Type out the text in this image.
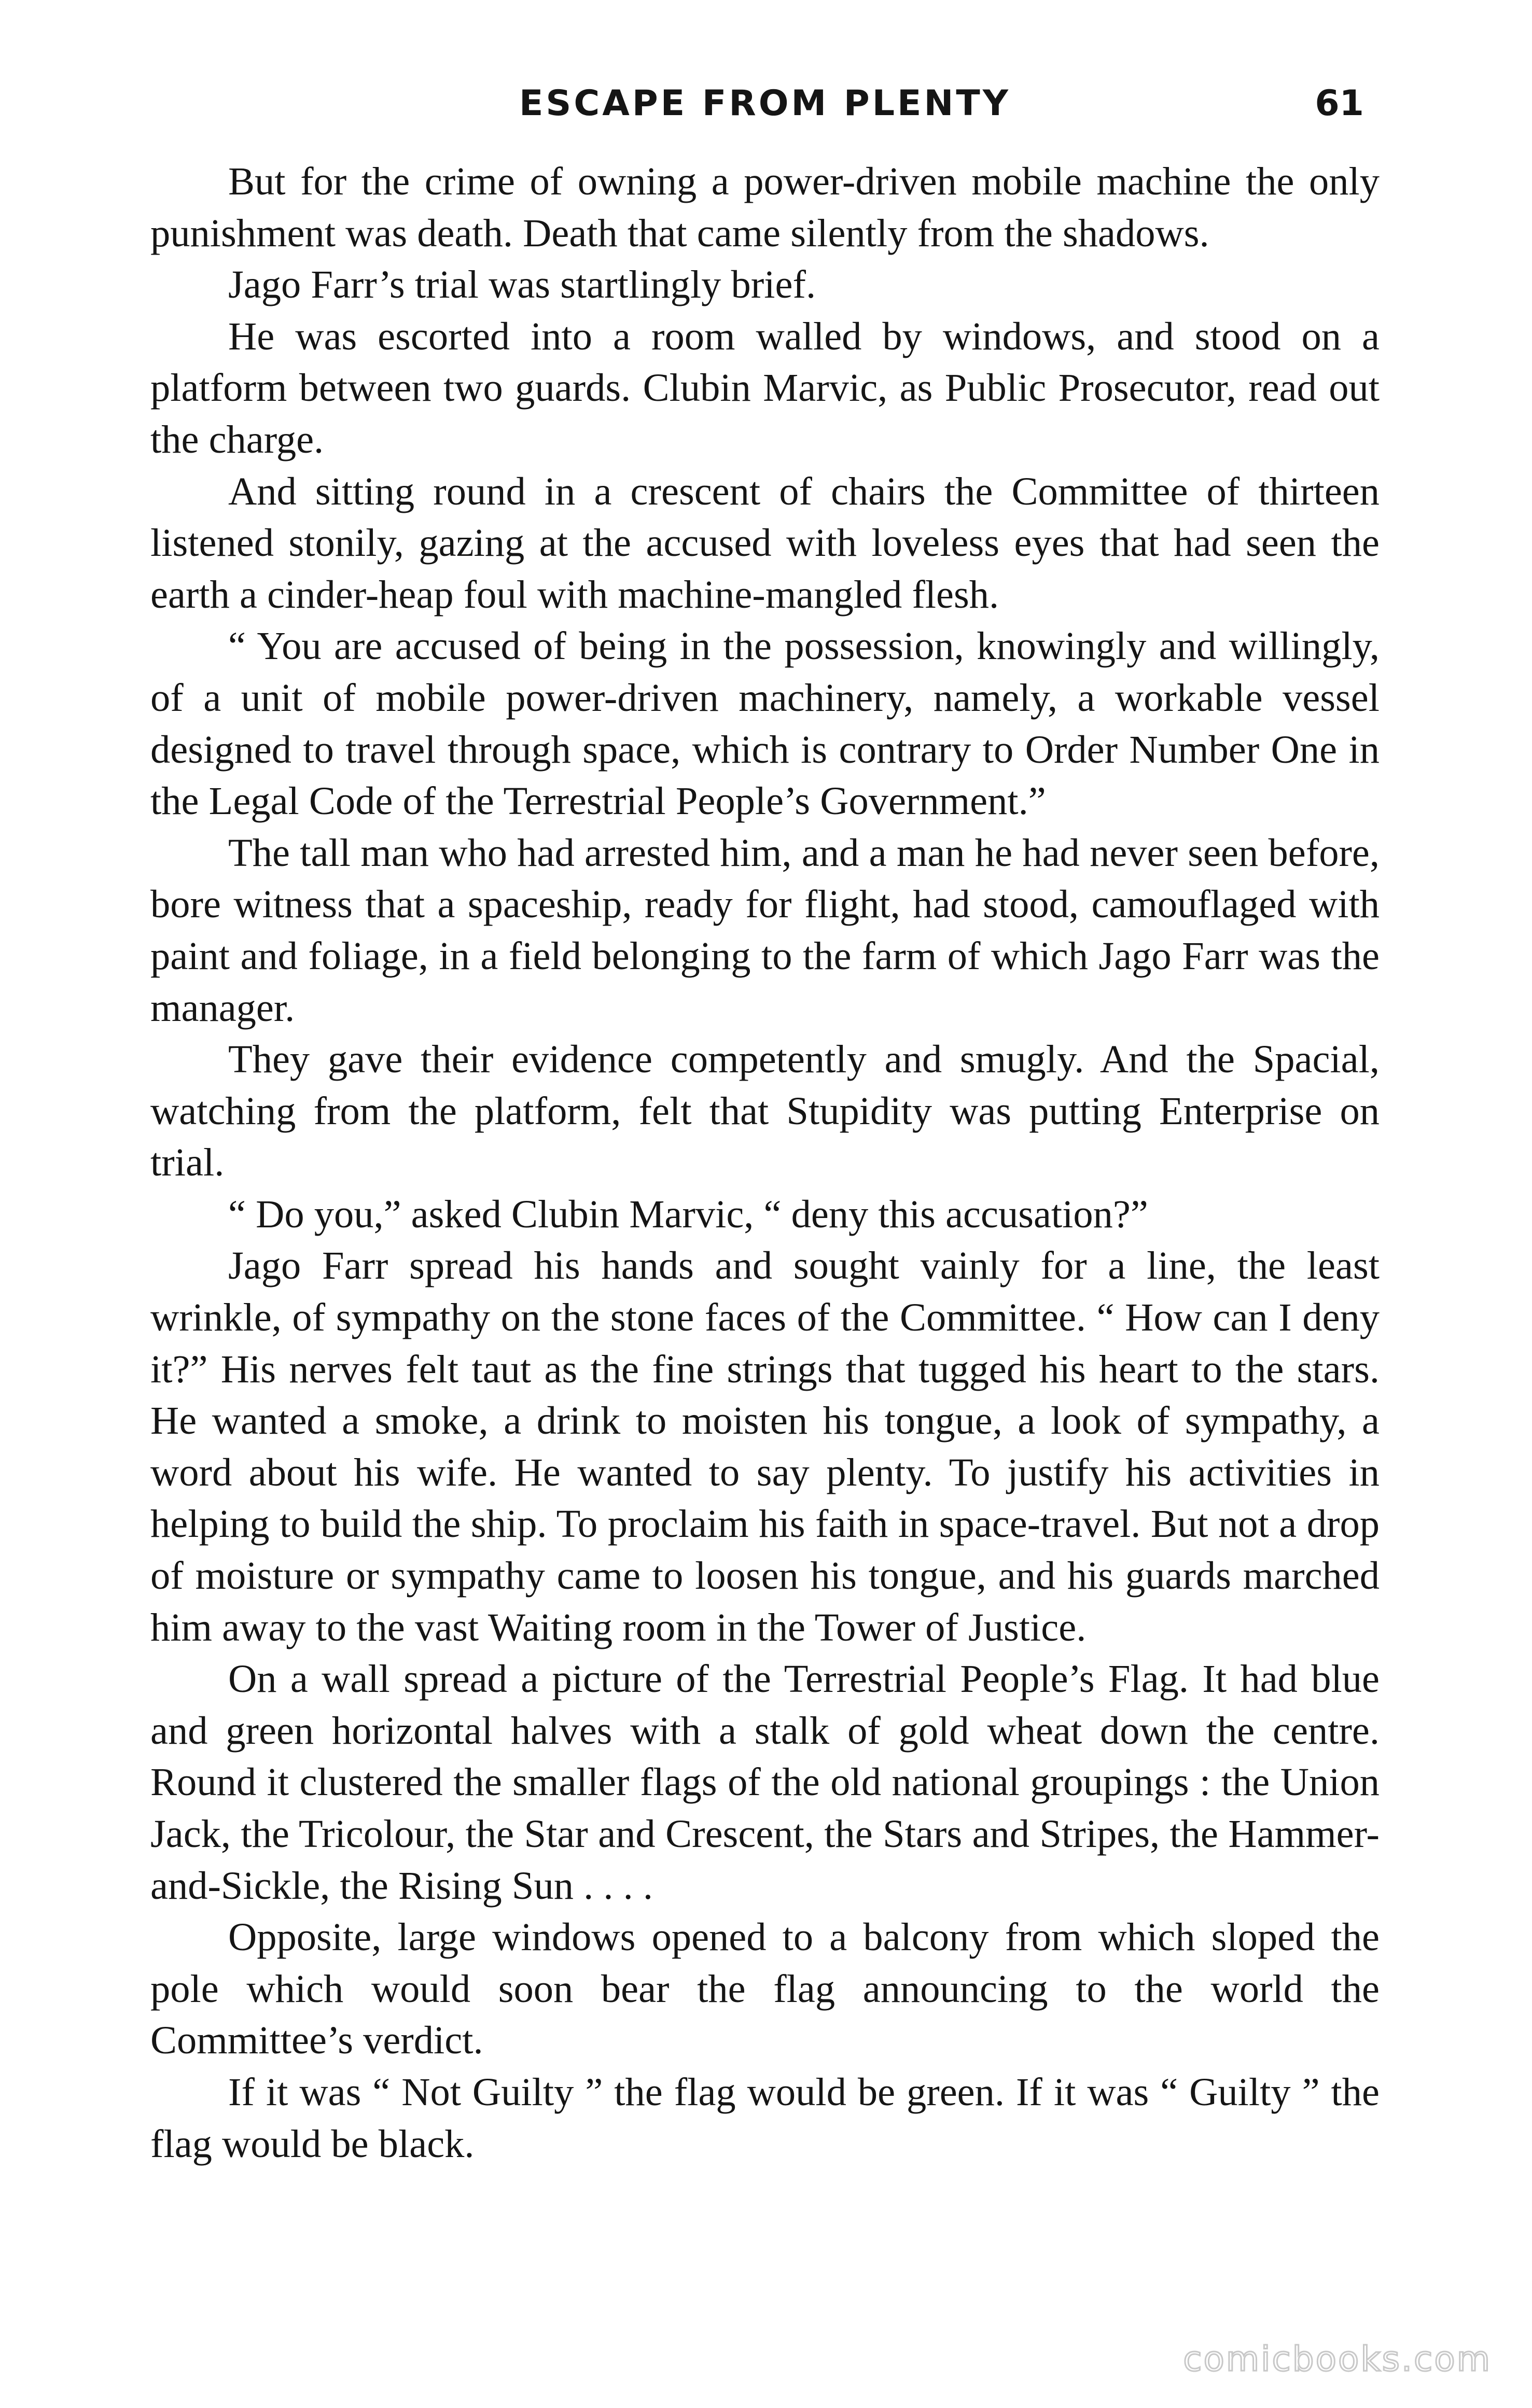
ESCAPE FROM PLENTY	61

But for the crime of owning a power-driven mobile machine the only punishment was death. Death that came silently from the shadows.

Jago Farr’s trial was startlingly brief.

He was escorted into a room walled by windows, and stood on a platform between two guards. Clubin Marvic, as Public Prosecutor, read out the charge.

And sitting round in a crescent of chairs the Committee of thirteen listened stonily, gazing at the accused with loveless eyes that had seen the earth a cinder-heap foul with machine-mangled flesh.

“ You are accused of being in the possession, knowingly and willingly, of a unit of mobile power-driven machinery, namely, a workable vessel designed to travel through space, which is contrary to Order Number One in the Legal Code of the Terrestrial People’s Government.”

The tall man who had arrested him, and a man he had never seen before, bore witness that a spaceship, ready for flight, had stood, camouflaged with paint and foliage, in a field belonging to the farm of which Jago Farr was the manager.

They gave their evidence competently and smugly. And the Spacial, watching from the platform, felt that Stupidity was putting Enterprise on trial.

“ Do you,” asked Clubin Marvic, “ deny this accusation?”

Jago Farr spread his hands and sought vainly for a line, the least wrinkle, of sympathy on the stone faces of the Committee. “ How can I deny it?” His nerves felt taut as the fine strings that tugged his heart to the stars. He wanted a smoke, a drink to moisten his tongue, a look of sympathy, a word about his wife. He wanted to say plenty. To justify his activities in helping to build the ship. To proclaim his faith in space-travel. But not a drop of moisture or sympathy came to loosen his tongue, and his guards marched him away to the vast Waiting room in the Tower of Justice.

On a wall spread a picture of the Terrestrial People’s Flag. It had blue and green horizontal halves with a stalk of gold wheat down the centre. Round it clustered the smaller flags of the old national groupings : the Union Jack, the Tricolour, the Star and Crescent, the Stars and Stripes, the Hammer-and-Sickle, the Rising Sun . . . .

Opposite, large windows opened to a balcony from which sloped the pole which would soon bear the flag announcing to the world the Committee’s verdict.

If it was “ Not Guilty ” the flag would be green. If it was “ Guilty ” the flag would be black.

comicbooks.com
